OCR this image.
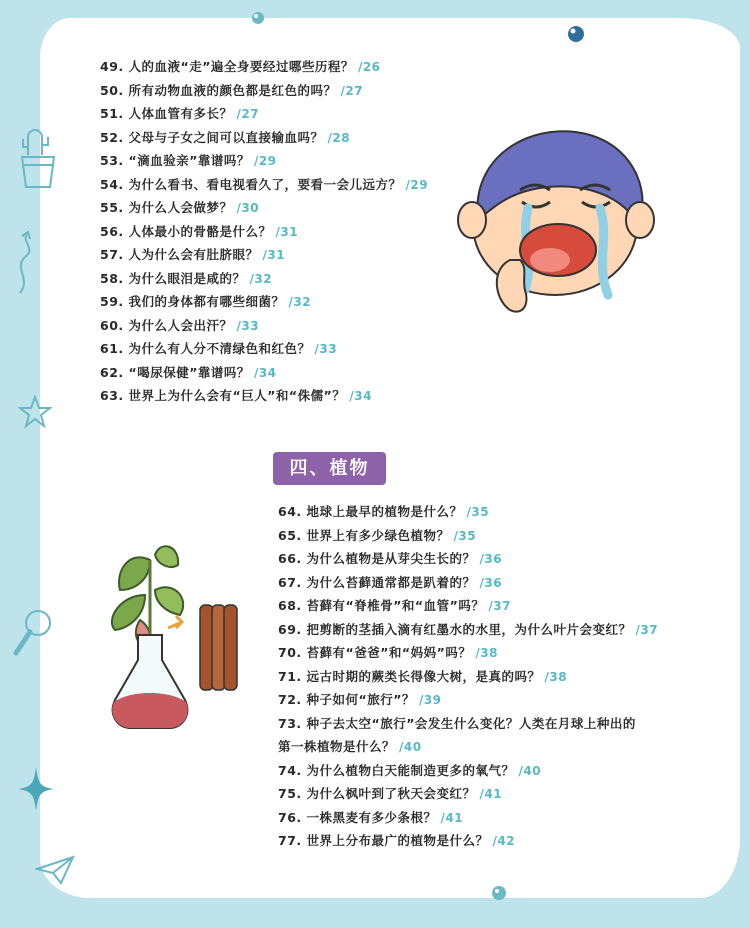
四、植物
49. 人的血液“走”遍全身要经过哪些历程？ /26
50. 所有动物血液的颜色都是红色的吗？ /27
51. 人体血管有多长？ /27
52. 父母与子女之间可以直接输血吗？ /28
53. “滴血验亲”靠谱吗？ /29
54. 为什么看书、看电视看久了，要看一会儿远方？ /29
55. 为什么人会做梦？ /30
56. 人体最小的骨骼是什么？ /31
57. 人为什么会有肚脐眼？ /31
58. 为什么眼泪是咸的？ /32
59. 我们的身体都有哪些细菌？ /32
60. 为什么人会出汗？ /33
61. 为什么有人分不清绿色和红色？ /33
62. “喝尿保健”靠谱吗？ /34
63. 世界上为什么会有“巨人”和“侏儒”？ /34
64. 地球上最早的植物是什么？ /35
65. 世界上有多少绿色植物？ /35
66. 为什么植物是从芽尖生长的？ /36
67. 为什么苔藓通常都是趴着的？ /36
68. 苔藓有“脊椎骨”和“血管”吗？ /37
69. 把剪断的茎插入滴有红墨水的水里，为什么叶片会变红？ /37
70. 苔藓有“爸爸”和“妈妈”吗？ /38
71. 远古时期的蕨类长得像大树，是真的吗？ /38
72. 种子如何“旅行”？ /39
73. 种子去太空“旅行”会发生什么变化？人类在月球上种出的
第一株植物是什么？ /40
74. 为什么植物白天能制造更多的氧气？ /40
75. 为什么枫叶到了秋天会变红？ /41
76. 一株黑麦有多少条根？ /41
77. 世界上分布最广的植物是什么？ /42
